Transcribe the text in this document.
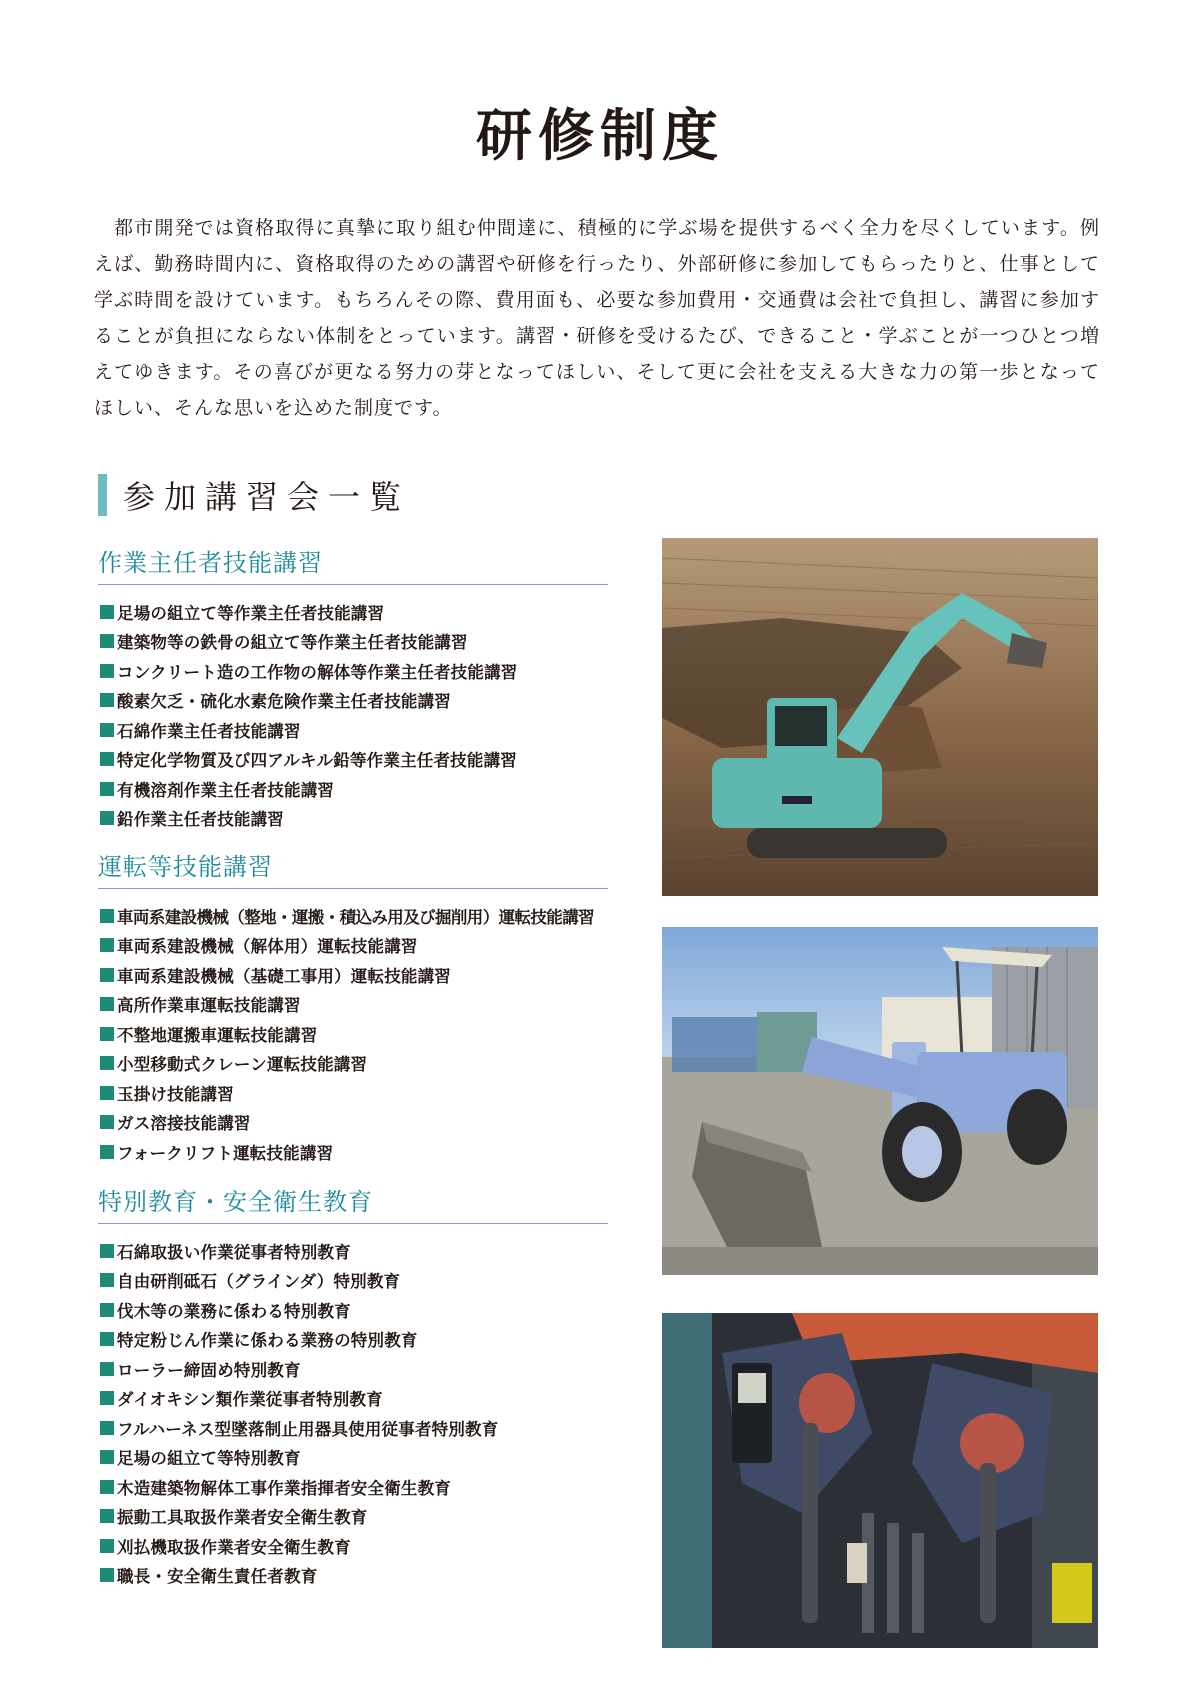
研修制度

都市開発では資格取得に真摯に取り組む仲間達に、積極的に学ぶ場を提供するべく全力を尽くしています。例えば、勤務時間内に、資格取得のための講習や研修を行ったり、外部研修に参加してもらったりと、仕事として学ぶ時間を設けています。もちろんその際、費用面も、必要な参加費用・交通費は会社で負担し、講習に参加することが負担にならない体制をとっています。講習・研修を受けるたび、できること・学ぶことが一つひとつ増えてゆきます。その喜びが更なる努力の芽となってほしい、そして更に会社を支える大きな力の第一歩となってほしい、そんな思いを込めた制度です。

参加講習会一覧
作業主任者技能講習
足場の組立て等作業主任者技能講習
建築物等の鉄骨の組立て等作業主任者技能講習
コンクリート造の工作物の解体等作業主任者技能講習
酸素欠乏・硫化水素危険作業主任者技能講習
石綿作業主任者技能講習
特定化学物質及び四アルキル鉛等作業主任者技能講習
有機溶剤作業主任者技能講習
鉛作業主任者技能講習
運転等技能講習
車両系建設機械（整地・運搬・積込み用及び掘削用）運転技能講習
車両系建設機械（解体用）運転技能講習
車両系建設機械（基礎工事用）運転技能講習
高所作業車運転技能講習
不整地運搬車運転技能講習
小型移動式クレーン運転技能講習
玉掛け技能講習
ガス溶接技能講習
フォークリフト運転技能講習
特別教育・安全衛生教育
石綿取扱い作業従事者特別教育
自由研削砥石（グラインダ）特別教育
伐木等の業務に係わる特別教育
特定粉じん作業に係わる業務の特別教育
ローラー締固め特別教育
ダイオキシン類作業従事者特別教育
フルハーネス型墜落制止用器具使用従事者特別教育
足場の組立て等特別教育
木造建築物解体工事作業指揮者安全衛生教育
振動工具取扱作業者安全衛生教育
刈払機取扱作業者安全衛生教育
職長・安全衛生責任者教育
